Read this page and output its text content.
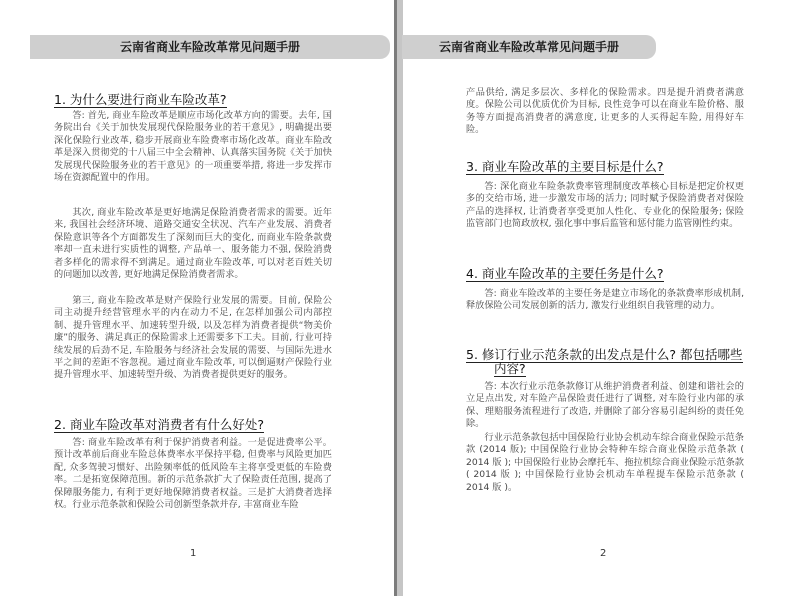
云南省商业车险改革常见问题手册	云南省商业车险改革常见问题手册
1. 为什么要进行商业车险改革?

答: 首先, 商业车险改革是顺应市场化改革方向的需要。去年, 国务院出台《关于加快发展现代保险服务业的若干意见》, 明确提出要深化保险行业改革, 稳步开展商业车险费率市场化改革。商业车险改革是深入贯彻党的十八届三中全会精神、认真落实国务院《关于加快发展现代保险服务业的若干意见》的一项重要举措, 将进一步发挥市场在资源配置中的作用。

其次, 商业车险改革是更好地满足保险消费者需求的需要。近年来, 我国社会经济环境、道路交通安全状况、汽车产业发展、消费者保险意识等各个方面都发生了深刻而巨大的变化, 而商业车险条款费率却一直未进行实质性的调整, 产品单一、服务能力不强, 保险消费者多样化的需求得不到满足。通过商业车险改革, 可以对老百姓关切的问题加以改善, 更好地满足保险消费者需求。

第三, 商业车险改革是财产保险行业发展的需要。目前, 保险公司主动提升经营管理水平的内在动力不足, 在怎样加强公司内部控制、提升管理水平、加速转型升级, 以及怎样为消费者提供“物美价廉”的服务、满足真正的保险需求上还需要多下工夫。目前, 行业可持续发展的后劲不足, 车险服务与经济社会发展的需要、与国际先进水平之间的差距不容忽视。通过商业车险改革, 可以倒逼财产保险行业提升管理水平、加速转型升级、为消费者提供更好的服务。

2. 商业车险改革对消费者有什么好处?

答: 商业车险改革有利于保护消费者利益。一是促进费率公平。预计改革前后商业车险总体费率水平保持平稳, 但费率与风险更加匹配, 众多驾驶习惯好、出险频率低的低风险车主将享受更低的车险费率。二是拓宽保障范围。新的示范条款扩大了保险责任范围, 提高了保障服务能力, 有利于更好地保障消费者权益。三是扩大消费者选择权。行业示范条款和保险公司创新型条款并存, 丰富商业车险

1

产品供给, 满足多层次、多样化的保险需求。四是提升消费者满意度。保险公司以优质优价为目标, 良性竞争可以在商业车险价格、服务等方面提高消费者的满意度, 让更多的人买得起车险, 用得好车险。

3. 商业车险改革的主要目标是什么?

答: 深化商业车险条款费率管理制度改革核心目标是把定价权更多的交给市场, 进一步激发市场的活力; 同时赋予保险消费者对保险产品的选择权, 让消费者享受更加人性化、专业化的保险服务; 保险监管部门也简政放权, 强化事中事后监管和惩付能力监管刚性约束。

4. 商业车险改革的主要任务是什么?

答: 商业车险改革的主要任务是建立市场化的条款费率形成机制, 释放保险公司发展创新的活力, 激发行业组织自我管理的动力。

5. 修订行业示范条款的出发点是什么? 都包括哪些
内容?

答: 本次行业示范条款修订从维护消费者利益、创建和谐社会的立足点出发, 对车险产品保险责任进行了调整, 对车险行业内部的承保、理赔服务流程进行了改造, 并删除了部分容易引起纠纷的责任免除。

行业示范条款包括中国保险行业协会机动车综合商业保险示范条款 (2014 版); 中国保险行业协会特种车综合商业保险示范条款 ( 2014 版 ); 中国保险行业协会摩托车、拖拉机综合商业保险示范条款 ( 2014 版 ); 中国保险行业协会机动车单程提车保险示范条款 ( 2014 版 )。

2
